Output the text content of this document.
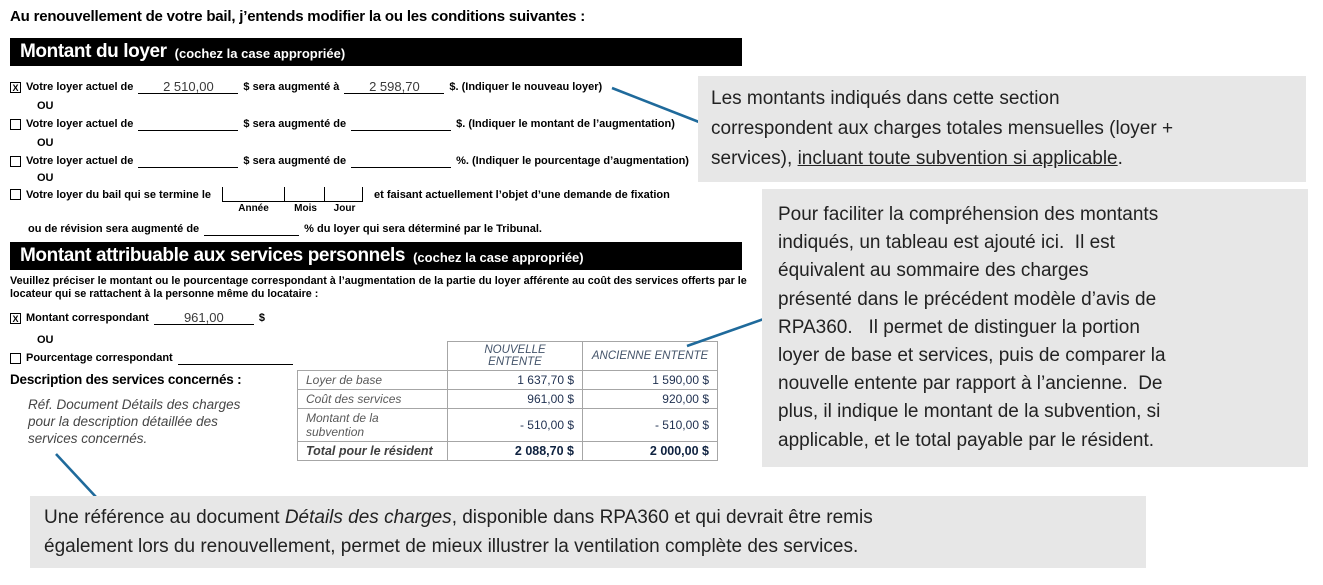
Au renouvellement de votre bail, j’entends modifier la ou les conditions suivantes :
Montant du loyer (cochez la case appropriée)
X Votre loyer actuel de	2 510,00	$ sera augmenté à	2 598,70	$. (Indiquer le nouveau loyer)
OU
Votre loyer actuel de	$ sera augmenté de	$. (Indiquer le montant de l’augmentation)
OU
Votre loyer actuel de	$ sera augmenté de	%. (Indiquer le pourcentage d’augmentation)
OU
Votre loyer du bail qui se termine le
Année	Mois	Jour
et faisant actuellement l’objet d’une demande de fixation
ou de révision sera augmenté de	% du loyer qui sera déterminé par le Tribunal.
Montant attribuable aux services personnels (cochez la case appropriée)
Veuillez préciser le montant ou le pourcentage correspondant à l’augmentation de la partie du loyer afférente au coût des services offerts par le locateur qui se rattachent à la personne même du locataire :
X Montant correspondant	961,00	$
OU
Pourcentage correspondant
Description des services concernés :
Réf. Document Détails des charges pour la description détaillée des services concernés.
	NOUVELLE ENTENTE	ANCIENNE ENTENTE
Loyer de base	1 637,70 $	1 590,00 $
Coût des services	961,00 $	920,00 $
Montant de la subvention	- 510,00 $	- 510,00 $
Total pour le résident	2 088,70 $	2 000,00 $
Les montants indiqués dans cette section
correspondent aux charges totales mensuelles (loyer +
services), incluant toute subvention si applicable.
Pour faciliter la compréhension des montants
indiqués, un tableau est ajouté ici.  Il est
équivalent au sommaire des charges
présenté dans le précédent modèle d’avis de
RPA360.   Il permet de distinguer la portion
loyer de base et services, puis de comparer la
nouvelle entente par rapport à l’ancienne.  De
plus, il indique le montant de la subvention, si
applicable, et le total payable par le résident.
Une référence au document Détails des charges, disponible dans RPA360 et qui devrait être remis
également lors du renouvellement, permet de mieux illustrer la ventilation complète des services.
